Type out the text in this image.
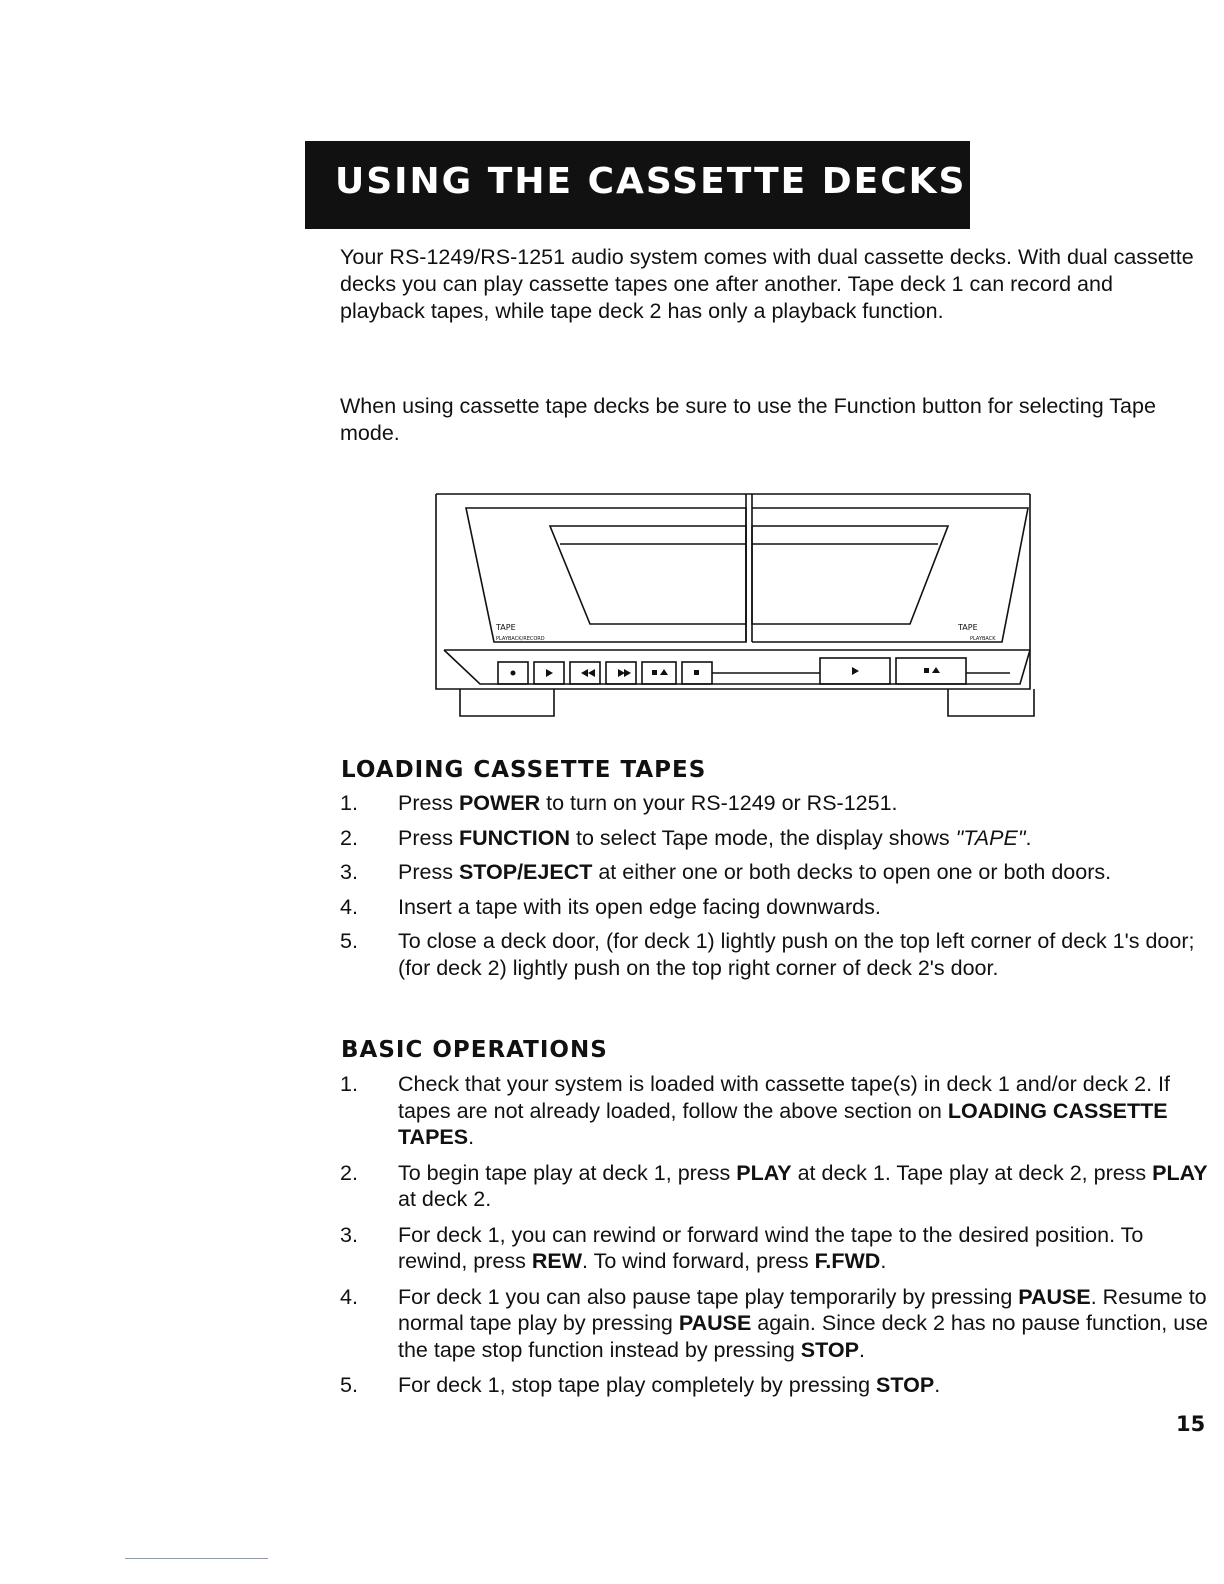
USING THE CASSETTE DECKS

Your RS-1249/RS-1251 audio system comes with dual cassette decks. With dual cassette decks you can play cassette tapes one after another. Tape deck 1 can record and playback tapes, while tape deck 2 has only a playback function.

When using cassette tape decks be sure to use the Function button for selecting Tape mode.

TAPE
PLAYBACK/RECORD
TAPE
PLAYBACK
LOADING CASSETTE TAPES
1. Press POWER to turn on your RS-1249 or RS-1251.
2. Press FUNCTION to select Tape mode, the display shows "TAPE".
3. Press STOP/EJECT at either one or both decks to open one or both doors.
4. Insert a tape with its open edge facing downwards.
5. To close a deck door, (for deck 1) lightly push on the top left corner of deck 1's door; (for deck 2) lightly push on the top right corner of deck 2's door.
BASIC OPERATIONS
1. Check that your system is loaded with cassette tape(s) in deck 1 and/or deck 2. If tapes are not already loaded, follow the above section on LOADING CASSETTE TAPES.
2. To begin tape play at deck 1, press PLAY at deck 1. Tape play at deck 2, press PLAY at deck 2.
3. For deck 1, you can rewind or forward wind the tape to the desired position. To rewind, press REW. To wind forward, press F.FWD.
4. For deck 1 you can also pause tape play temporarily by pressing PAUSE. Resume to normal tape play by pressing PAUSE again. Since deck 2 has no pause function, use the tape stop function instead by pressing STOP.
5. For deck 1, stop tape play completely by pressing STOP.
15
